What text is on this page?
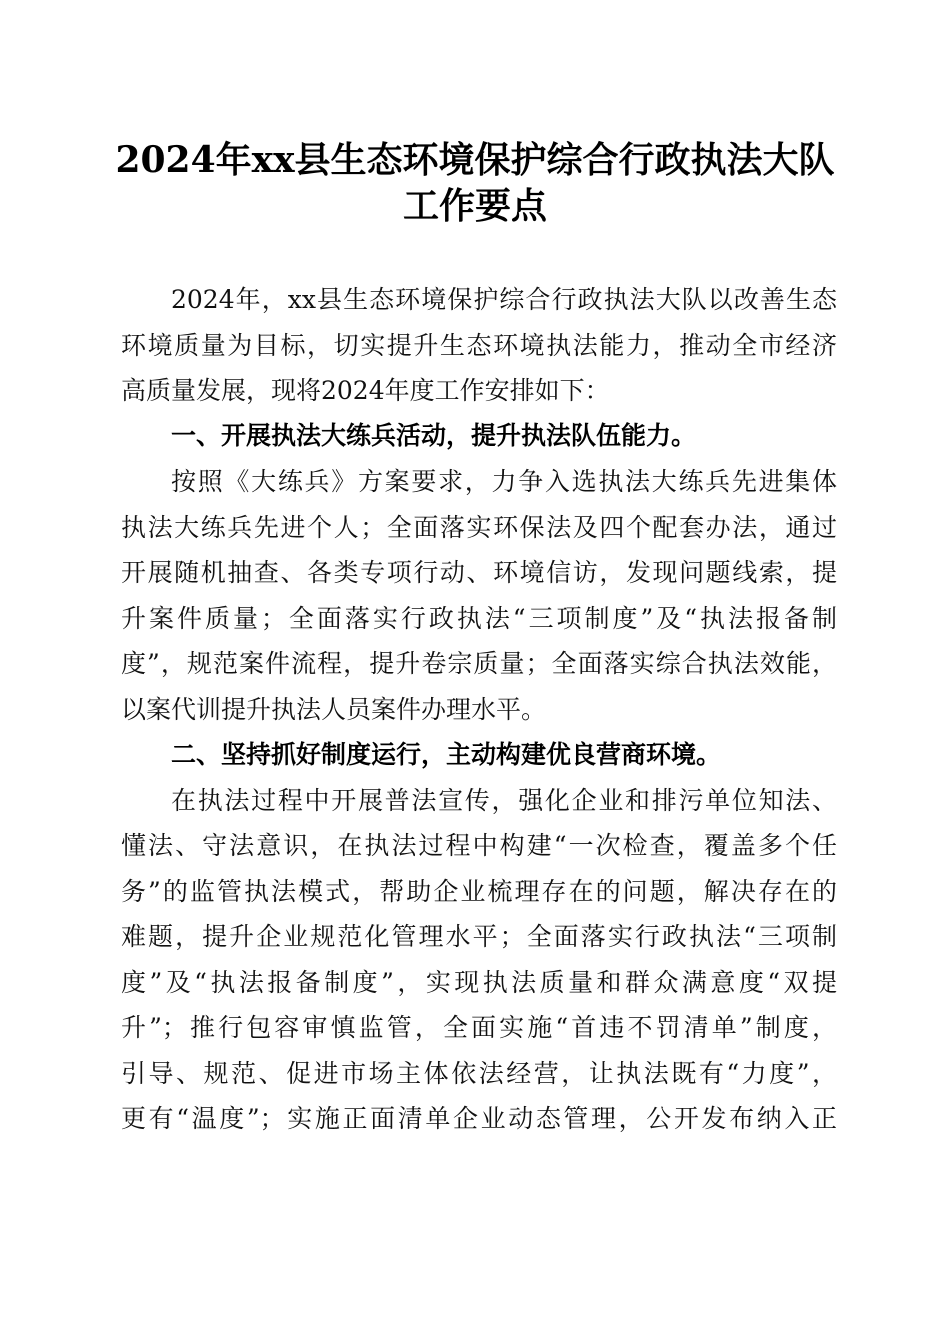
2024年xx县生态环境保护综合行政执法大队
工作要点
2024年，xx县生态环境保护综合行政执法大队以改善生态
环境质量为目标，切实提升生态环境执法能力，推动全市经济
高质量发展，现将2024年度工作安排如下：
一、开展执法大练兵活动，提升执法队伍能力。
按照《大练兵》方案要求，力争入选执法大练兵先进集体
执法大练兵先进个人；全面落实环保法及四个配套办法，通过
开展随机抽查、各类专项行动、环境信访，发现问题线索，提
升案件质量；全面落实行政执法“三项制度”及“执法报备制
度”，规范案件流程，提升卷宗质量；全面落实综合执法效能，
以案代训提升执法人员案件办理水平。
二、坚持抓好制度运行，主动构建优良营商环境。
在执法过程中开展普法宣传，强化企业和排污单位知法、
懂法、守法意识，在执法过程中构建“一次检查，覆盖多个任
务”的监管执法模式，帮助企业梳理存在的问题，解决存在的
难题，提升企业规范化管理水平；全面落实行政执法“三项制
度”及“执法报备制度”，实现执法质量和群众满意度“双提
升”；推行包容审慎监管，全面实施“首违不罚清单”制度，
引导、规范、促进市场主体依法经营，让执法既有“力度”，
更有“温度”；实施正面清单企业动态管理，公开发布纳入正
